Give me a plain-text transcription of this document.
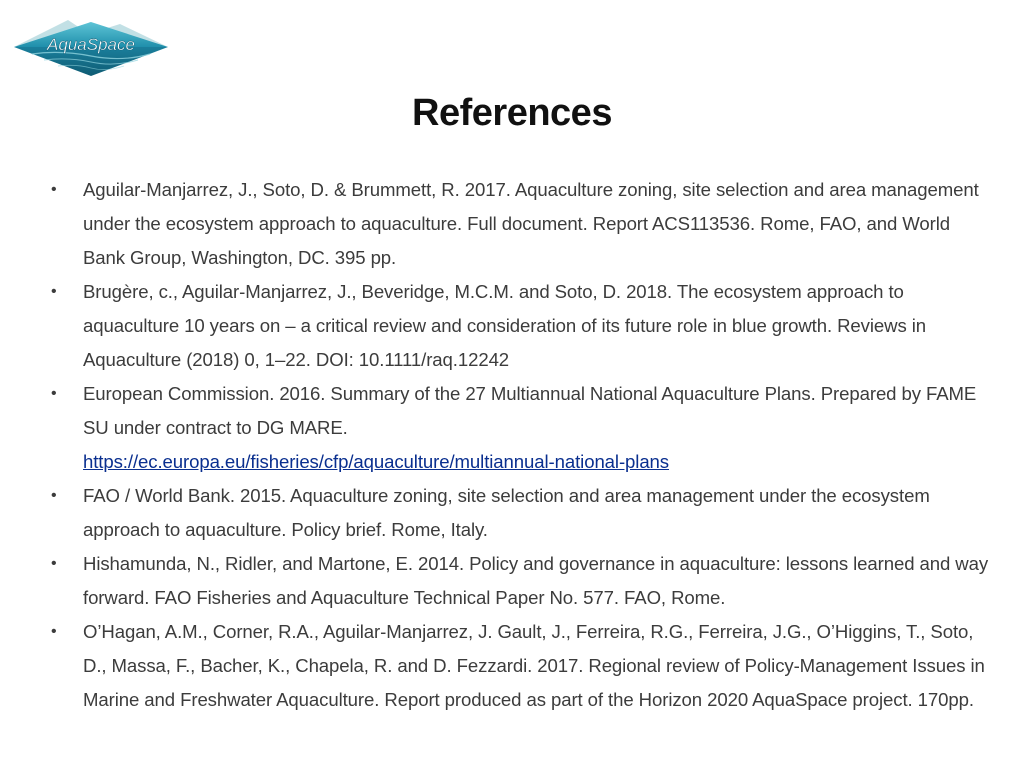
AquaSpace
References
• Aguilar-Manjarrez, J., Soto, D. & Brummett, R. 2017. Aquaculture zoning, site selection and area management under the ecosystem approach to aquaculture. Full document. Report ACS113536. Rome, FAO, and World Bank Group, Washington, DC. 395 pp.
• Brugère, c., Aguilar-Manjarrez, J., Beveridge, M.C.M. and Soto, D. 2018. The ecosystem approach to aquaculture 10 years on – a critical review and consideration of its future role in blue growth. Reviews in Aquaculture (2018) 0, 1–22. DOI: 10.1111/raq.12242
• European Commission. 2016. Summary of the 27 Multiannual National Aquaculture Plans. Prepared by FAME SU under contract to DG MARE.
https://ec.europa.eu/fisheries/cfp/aquaculture/multiannual-national-plans
• FAO / World Bank. 2015. Aquaculture zoning, site selection and area management under the ecosystem approach to aquaculture. Policy brief. Rome, Italy.
• Hishamunda, N., Ridler, and Martone, E. 2014. Policy and governance in aquaculture: lessons learned and way forward. FAO Fisheries and Aquaculture Technical Paper No. 577. FAO, Rome.
• O’Hagan, A.M., Corner, R.A., Aguilar-Manjarrez, J. Gault, J., Ferreira, R.G., Ferreira, J.G., O’Higgins, T., Soto, D., Massa, F., Bacher, K., Chapela, R. and D. Fezzardi. 2017. Regional review of Policy-Management Issues in Marine and Freshwater Aquaculture. Report produced as part of the Horizon 2020 AquaSpace project. 170pp.
